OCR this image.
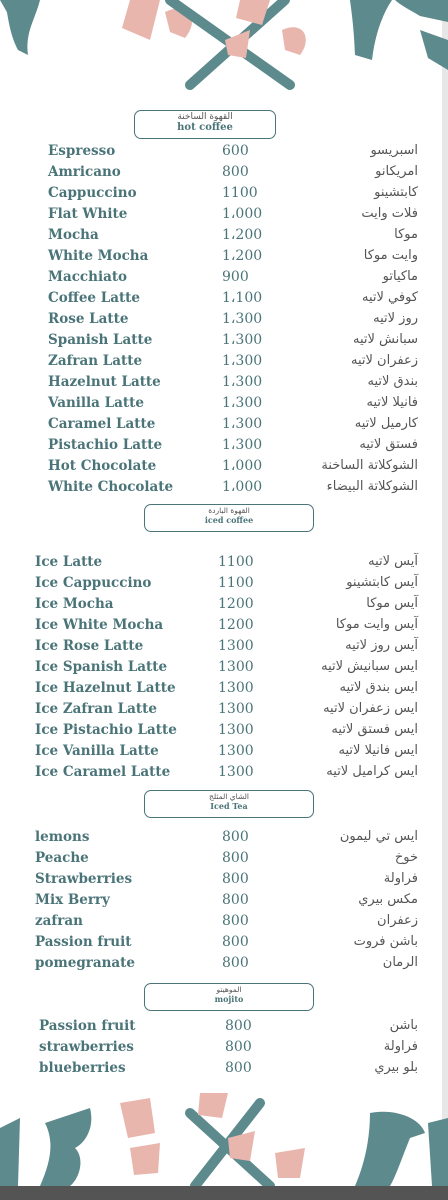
القهوة الساخنة
hot coffee
Espresso	600	اسبريسو
Amricano	800	امريكانو
Cappuccino	1100	كابتشينو
Flat White	1،000	فلات وايت
Mocha	1،200	موكا
White Mocha	1،200	وايت موكا
Macchiato	900	ماكياتو
Coffee Latte	1،100	كوفي لاتيه
Rose Latte	1،300	روز لاتيه
Spanish Latte	1،300	سبانش لاتيه
Zafran Latte	1،300	زعفران لاتيه
Hazelnut Latte	1،300	بندق لاتيه
Vanilla Latte	1،300	فانيلا لاتيه
Caramel Latte	1،300	كارميل لاتيه
Pistachio Latte	1،300	فستق لاتيه
Hot Chocolate	1،000	الشوكلاتة الساخنة
White Chocolate	1،000	الشوكلاتة البيضاء
القهوة الباردة
iced coffee
Ice Latte	1100	آيس لاتيه
Ice Cappuccino	1100	آيس كابتشينو
Ice Mocha	1200	آيس موكا
Ice White Mocha	1200	آيس وايت موكا
Ice Rose Latte	1300	آيس روز لاتيه
Ice Spanish Latte	1300	ايس سبانيش لاتيه
Ice Hazelnut Latte	1300	ايس بندق لاتيه
Ice Zafran Latte	1300	ايس زعفران لاتيه
Ice Pistachio Latte	1300	ايس فستق لاتيه
Ice Vanilla Latte	1300	ايس فانيلا لاتيه
Ice Caramel Latte	1300	ايس كراميل لاتيه
الشاي المثلج
Iced Tea
lemons	800	ايس تي ليمون
Peache	800	خوخ
Strawberries	800	فراولة
Mix Berry	800	مكس بيري
zafran	800	زعفران
Passion fruit	800	باشن فروت
pomegranate	800	الرمان
الموهيتو
mojito
Passion fruit	800	باشن
strawberries	800	فراولة
blueberries	800	بلو بيري
